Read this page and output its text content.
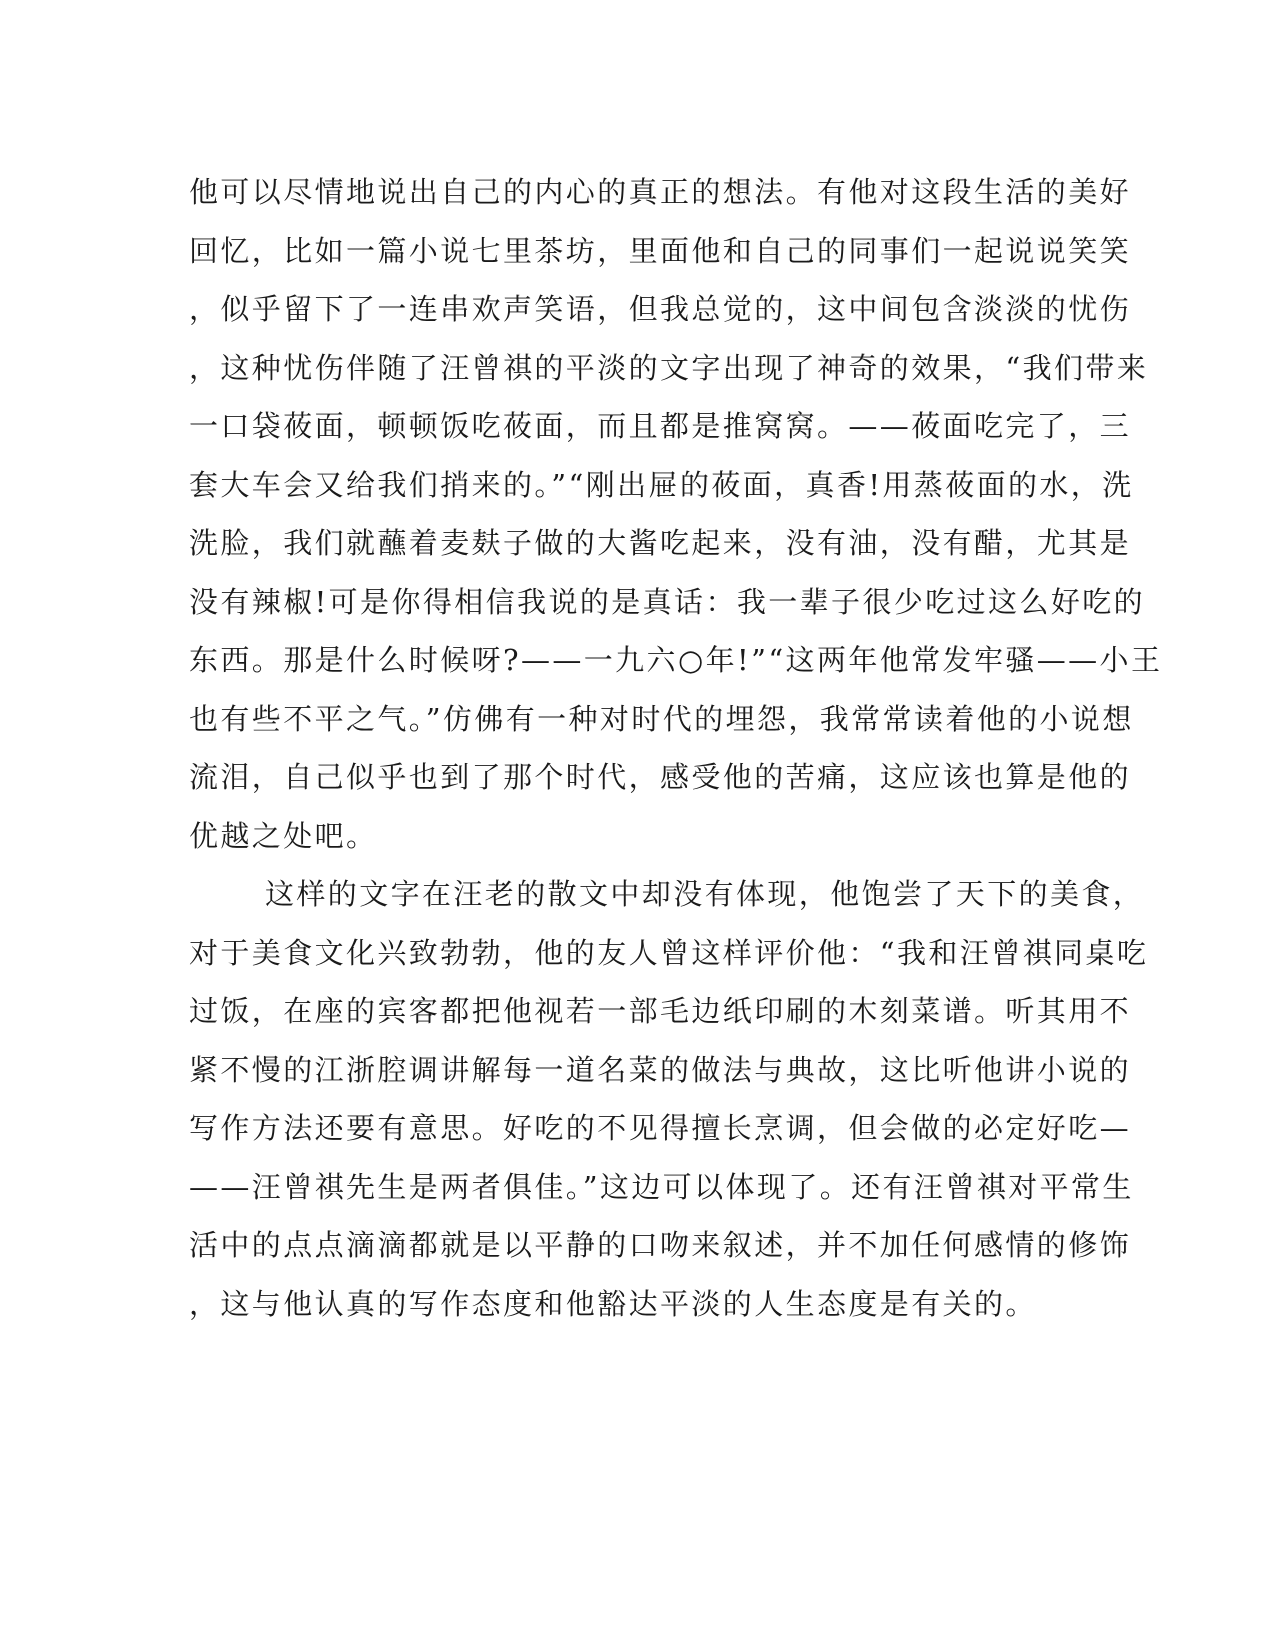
他可以尽情地说出自己的内心的真正的想法。有他对这段生活的美好
回忆，比如一篇小说七里茶坊，里面他和自己的同事们一起说说笑笑
，似乎留下了一连串欢声笑语，但我总觉的，这中间包含淡淡的忧伤
，这种忧伤伴随了汪曾祺的平淡的文字出现了神奇的效果，“我们带来
一口袋莜面，顿顿饭吃莜面，而且都是推窝窝。——莜面吃完了，三
套大车会又给我们捎来的。”“刚出屉的莜面，真香!用蒸莜面的水，洗
洗脸，我们就蘸着麦麸子做的大酱吃起来，没有油，没有醋，尤其是
没有辣椒!可是你得相信我说的是真话：我一辈子很少吃过这么好吃的
东西。那是什么时候呀?——一九六○年!”“这两年他常发牢骚——小王
也有些不平之气。”仿佛有一种对时代的埋怨，我常常读着他的小说想
流泪，自己似乎也到了那个时代，感受他的苦痛，这应该也算是他的
优越之处吧。
这样的文字在汪老的散文中却没有体现，他饱尝了天下的美食，
对于美食文化兴致勃勃，他的友人曾这样评价他：“我和汪曾祺同桌吃
过饭，在座的宾客都把他视若一部毛边纸印刷的木刻菜谱。听其用不
紧不慢的江浙腔调讲解每一道名菜的做法与典故，这比听他讲小说的
写作方法还要有意思。好吃的不见得擅长烹调，但会做的必定好吃—
——汪曾祺先生是两者俱佳。”这边可以体现了。还有汪曾祺对平常生
活中的点点滴滴都就是以平静的口吻来叙述，并不加任何感情的修饰
，这与他认真的写作态度和他豁达平淡的人生态度是有关的。
